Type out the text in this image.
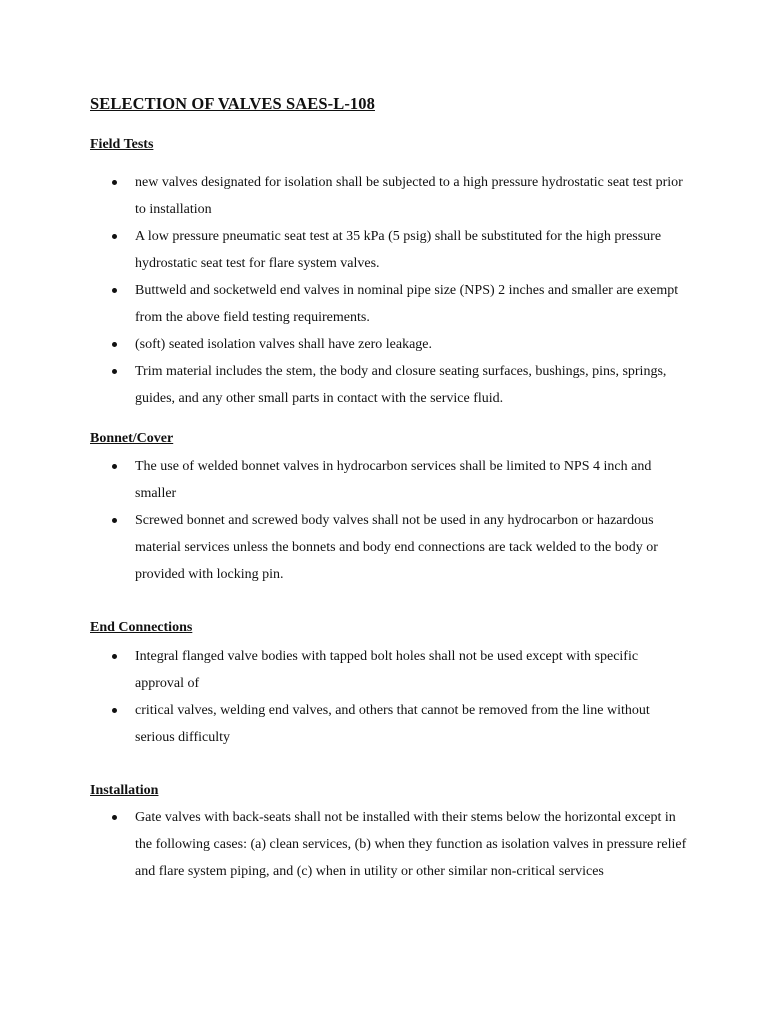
SELECTION OF VALVES SAES-L-108
Field Tests
new valves designated for isolation shall be subjected to a high pressure hydrostatic seat test prior to installation
A low pressure pneumatic seat test at 35 kPa (5 psig) shall be substituted for the high pressure hydrostatic seat test for flare system valves.
Buttweld and socketweld end valves in nominal pipe size (NPS) 2 inches and smaller are exempt from the above field testing requirements.
(soft) seated isolation valves shall have zero leakage.
Trim material includes the stem, the body and closure seating surfaces, bushings, pins, springs, guides, and any other small parts in contact with the service fluid.
Bonnet/Cover
The use of welded bonnet valves in hydrocarbon services shall be limited to NPS 4 inch and smaller
Screwed bonnet and screwed body valves shall not be used in any hydrocarbon or hazardous material services unless the bonnets and body end connections are tack welded to the body or provided with locking pin.
End Connections
Integral flanged valve bodies with tapped bolt holes shall not be used except with specific approval of
critical valves, welding end valves, and others that cannot be removed from the line without serious difficulty
Installation
Gate valves with back-seats shall not be installed with their stems below the horizontal except in the following cases: (a) clean services, (b) when they function as isolation valves in pressure relief and flare system piping, and (c) when in utility or other similar non-critical services
